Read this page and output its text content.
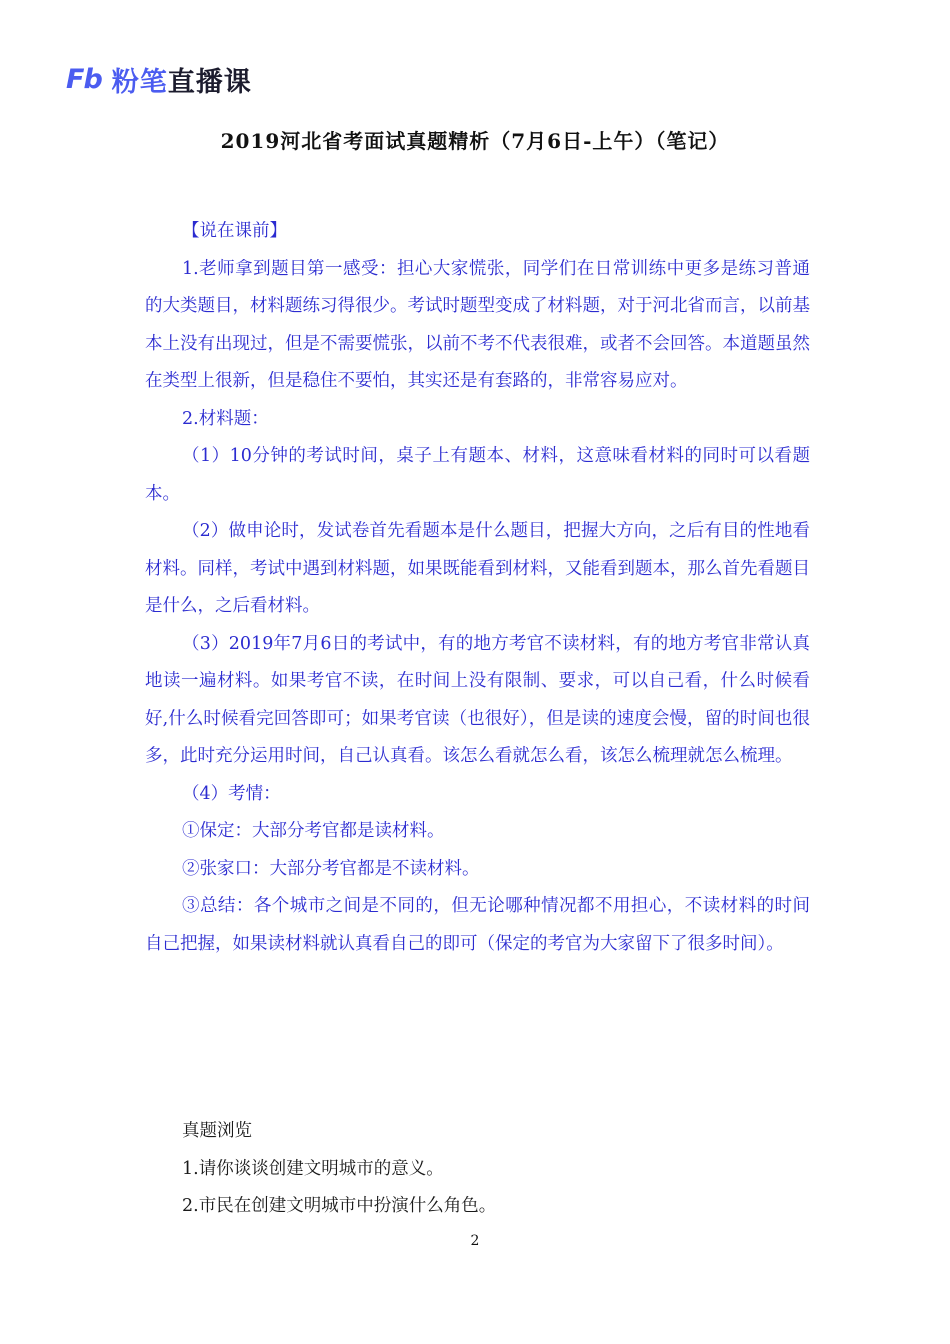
Fb 粉笔直播课
2019河北省考面试真题精析（7月6日-上午）（笔记）

【说在课前】

1.老师拿到题目第一感受：担心大家慌张，同学们在日常训练中更多是练习普通的大类题目，材料题练习得很少。考试时题型变成了材料题，对于河北省而言，以前基本上没有出现过，但是不需要慌张，以前不考不代表很难，或者不会回答。本道题虽然在类型上很新，但是稳住不要怕，其实还是有套路的，非常容易应对。

2.材料题：

（1）10分钟的考试时间，桌子上有题本、材料，这意味看材料的同时可以看题本。

（2）做申论时，发试卷首先看题本是什么题目，把握大方向，之后有目的性地看材料。同样，考试中遇到材料题，如果既能看到材料，又能看到题本，那么首先看题目是什么，之后看材料。

（3）2019年7月6日的考试中，有的地方考官不读材料，有的地方考官非常认真地读一遍材料。如果考官不读，在时间上没有限制、要求，可以自己看，什么时候看好,什么时候看完回答即可；如果考官读（也很好），但是读的速度会慢，留的时间也很多，此时充分运用时间，自己认真看。该怎么看就怎么看，该怎么梳理就怎么梳理。

（4）考情：

①保定：大部分考官都是读材料。

②张家口：大部分考官都是不读材料。

③总结：各个城市之间是不同的，但无论哪种情况都不用担心，不读材料的时间自己把握，如果读材料就认真看自己的即可（保定的考官为大家留下了很多时间）。

真题浏览

1.请你谈谈创建文明城市的意义。

2.市民在创建文明城市中扮演什么角色。

2
